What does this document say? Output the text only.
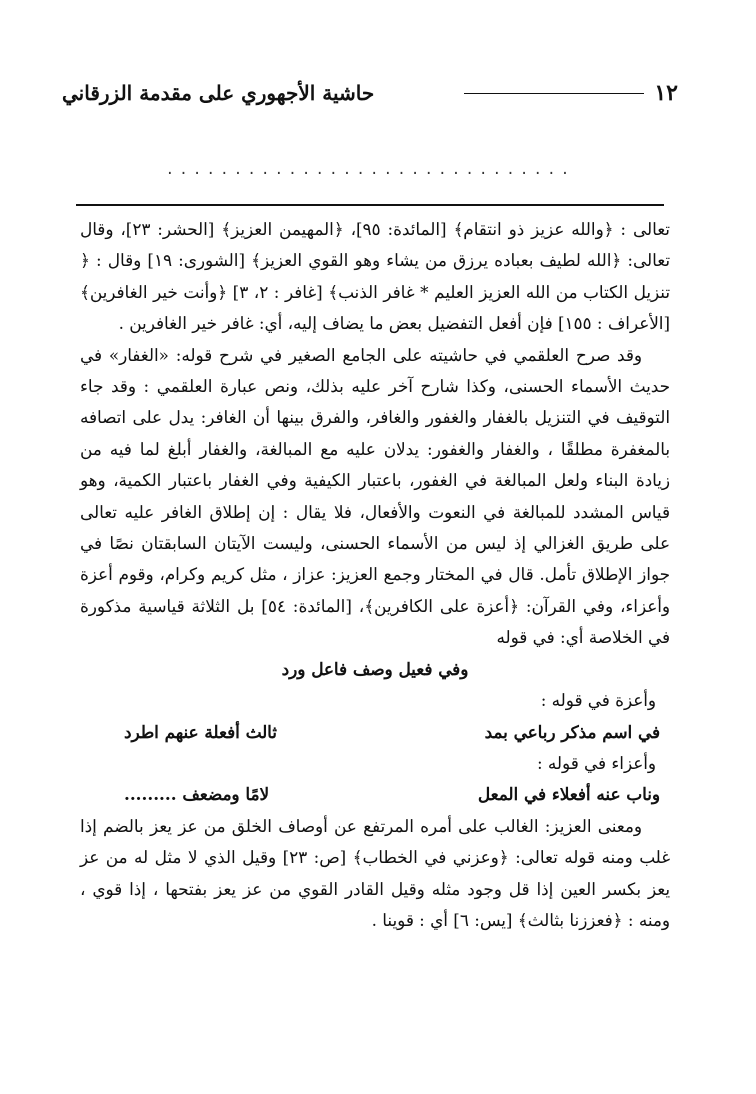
١٢
حاشية الأجهوري على مقدمة الزرقاني
..............................

تعالى : ﴿والله عزيز ذو انتقام﴾ [المائدة: ٩٥]، ﴿المهيمن العزيز﴾ [الحشر: ٢٣]، وقال تعالى: ﴿الله لطيف بعباده يرزق من يشاء وهو القوي العزيز﴾ [الشورى: ١٩] وقال : ﴿ تنزيل الكتاب من الله العزيز العليم * غافر الذنب﴾ [غافر : ٢، ٣] ﴿وأنت خير الغافرين﴾ [الأعراف : ١٥٥] فإن أفعل التفضيل بعض ما يضاف إليه، أي: غافر خير الغافرين .

وقد صرح العلقمي في حاشيته على الجامع الصغير في شرح قوله: «الغفار» في حديث الأسماء الحسنى، وكذا شارح آخر عليه بذلك، ونص عبارة العلقمي : وقد جاء التوقيف في التنزيل بالغفار والغفور والغافر، والفرق بينها أن الغافر: يدل على اتصافه بالمغفرة مطلقًا ، والغفار والغفور: يدلان عليه مع المبالغة، والغفار أبلغ لما فيه من زيادة البناء ولعل المبالغة في الغفور، باعتبار الكيفية وفي الغفار باعتبار الكمية، وهو قياس المشدد للمبالغة في النعوت والأفعال، فلا يقال : إن إطلاق الغافر عليه تعالى على طريق الغزالي إذ ليس من الأسماء الحسنى، وليست الآيتان السابقتان نصًا في جواز الإطلاق تأمل. قال في المختار وجمع العزيز: عزاز ، مثل كريم وكرام، وقوم أعزة وأعزاء، وفي القرآن: ﴿أعزة على الكافرين﴾، [المائدة: ٥٤] بل الثلاثة قياسية مذكورة في الخلاصة أي: في قوله

وفي فعيل وصف فاعل ورد

وأعزة في قوله :

في اسم مذكر رباعي بمد
ثالث أفعلة عنهم اطرد

وأعزاء في قوله :

وناب عنه أفعلاء في المعل
لامًا ومضعف .........

ومعنى العزيز: الغالب على أمره المرتفع عن أوصاف الخلق من عز يعز بالضم إذا غلب ومنه قوله تعالى: ﴿وعزني في الخطاب﴾ [ص: ٢٣] وقيل الذي لا مثل له من عز يعز بكسر العين إذا قل وجود مثله وقيل القادر القوي من عز يعز بفتحها ، إذا قوي ، ومنه : ﴿فعززنا بثالث﴾ [يس: ٦] أي : قوينا .
